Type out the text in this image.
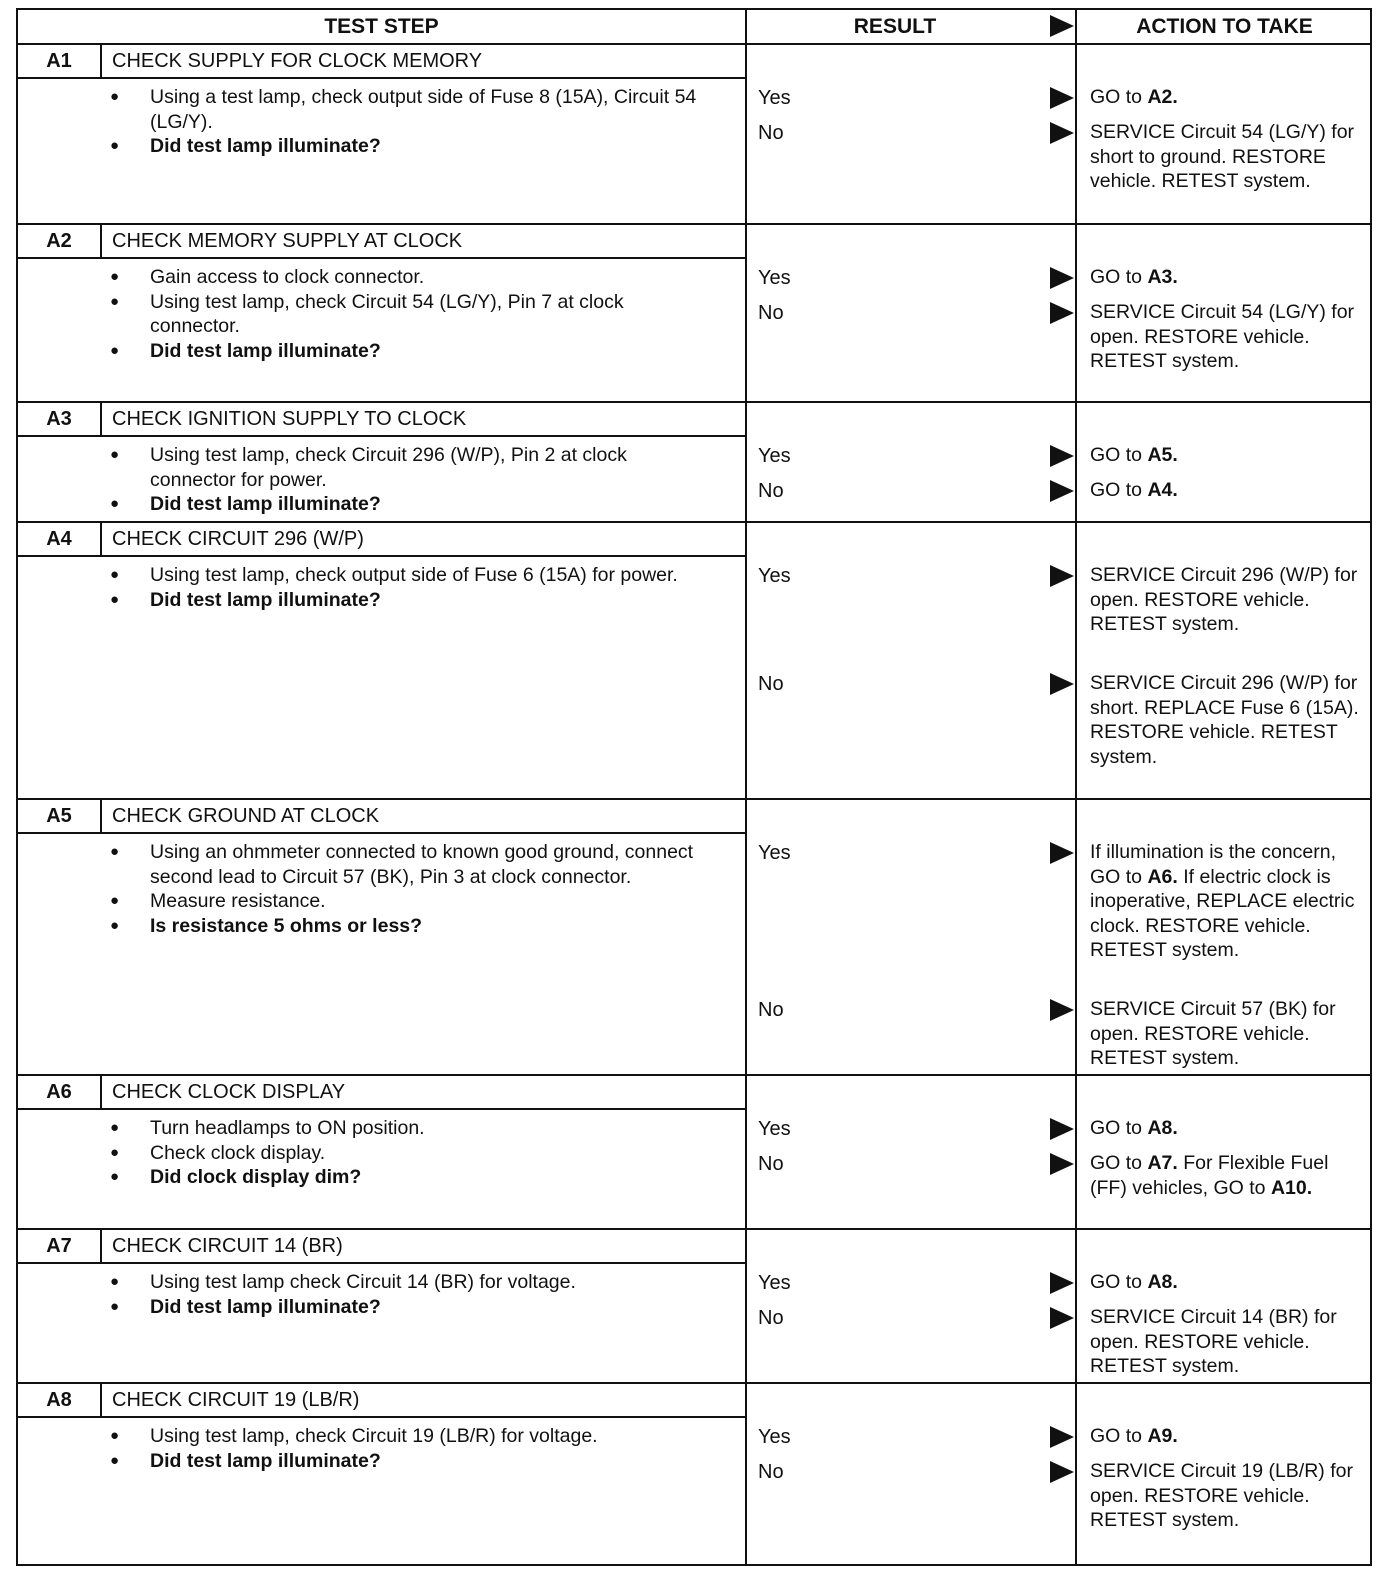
TEST STEP	RESULT	ACTION TO TAKE
A1	CHECK SUPPLY FOR CLOCK MEMORY
● Using a test lamp, check output side of Fuse 8 (15A), Circuit 54 (LG/Y).
● Did test lamp illuminate?
Yes	GO to A2.
No	SERVICE Circuit 54 (LG/Y) for short to ground. RESTORE vehicle. RETEST system.
A2	CHECK MEMORY SUPPLY AT CLOCK
● Gain access to clock connector.
● Using test lamp, check Circuit 54 (LG/Y), Pin 7 at clock connector.
● Did test lamp illuminate?
Yes	GO to A3.
No	SERVICE Circuit 54 (LG/Y) for open. RESTORE vehicle. RETEST system.
A3	CHECK IGNITION SUPPLY TO CLOCK
● Using test lamp, check Circuit 296 (W/P), Pin 2 at clock connector for power.
● Did test lamp illuminate?
Yes	GO to A5.
No	GO to A4.
A4	CHECK CIRCUIT 296 (W/P)
● Using test lamp, check output side of Fuse 6 (15A) for power.
● Did test lamp illuminate?
Yes	SERVICE Circuit 296 (W/P) for open. RESTORE vehicle. RETEST system.
No	SERVICE Circuit 296 (W/P) for short. REPLACE Fuse 6 (15A). RESTORE vehicle. RETEST system.
A5	CHECK GROUND AT CLOCK
● Using an ohmmeter connected to known good ground, connect second lead to Circuit 57 (BK), Pin 3 at clock connector.
● Measure resistance.
● Is resistance 5 ohms or less?
Yes	If illumination is the concern, GO to A6. If electric clock is inoperative, REPLACE electric clock. RESTORE vehicle. RETEST system.
No	SERVICE Circuit 57 (BK) for open. RESTORE vehicle. RETEST system.
A6	CHECK CLOCK DISPLAY
● Turn headlamps to ON position.
● Check clock display.
● Did clock display dim?
Yes	GO to A8.
No	GO to A7. For Flexible Fuel (FF) vehicles, GO to A10.
A7	CHECK CIRCUIT 14 (BR)
● Using test lamp check Circuit 14 (BR) for voltage.
● Did test lamp illuminate?
Yes	GO to A8.
No	SERVICE Circuit 14 (BR) for open. RESTORE vehicle. RETEST system.
A8	CHECK CIRCUIT 19 (LB/R)
● Using test lamp, check Circuit 19 (LB/R) for voltage.
● Did test lamp illuminate?
Yes	GO to A9.
No	SERVICE Circuit 19 (LB/R) for open. RESTORE vehicle. RETEST system.
